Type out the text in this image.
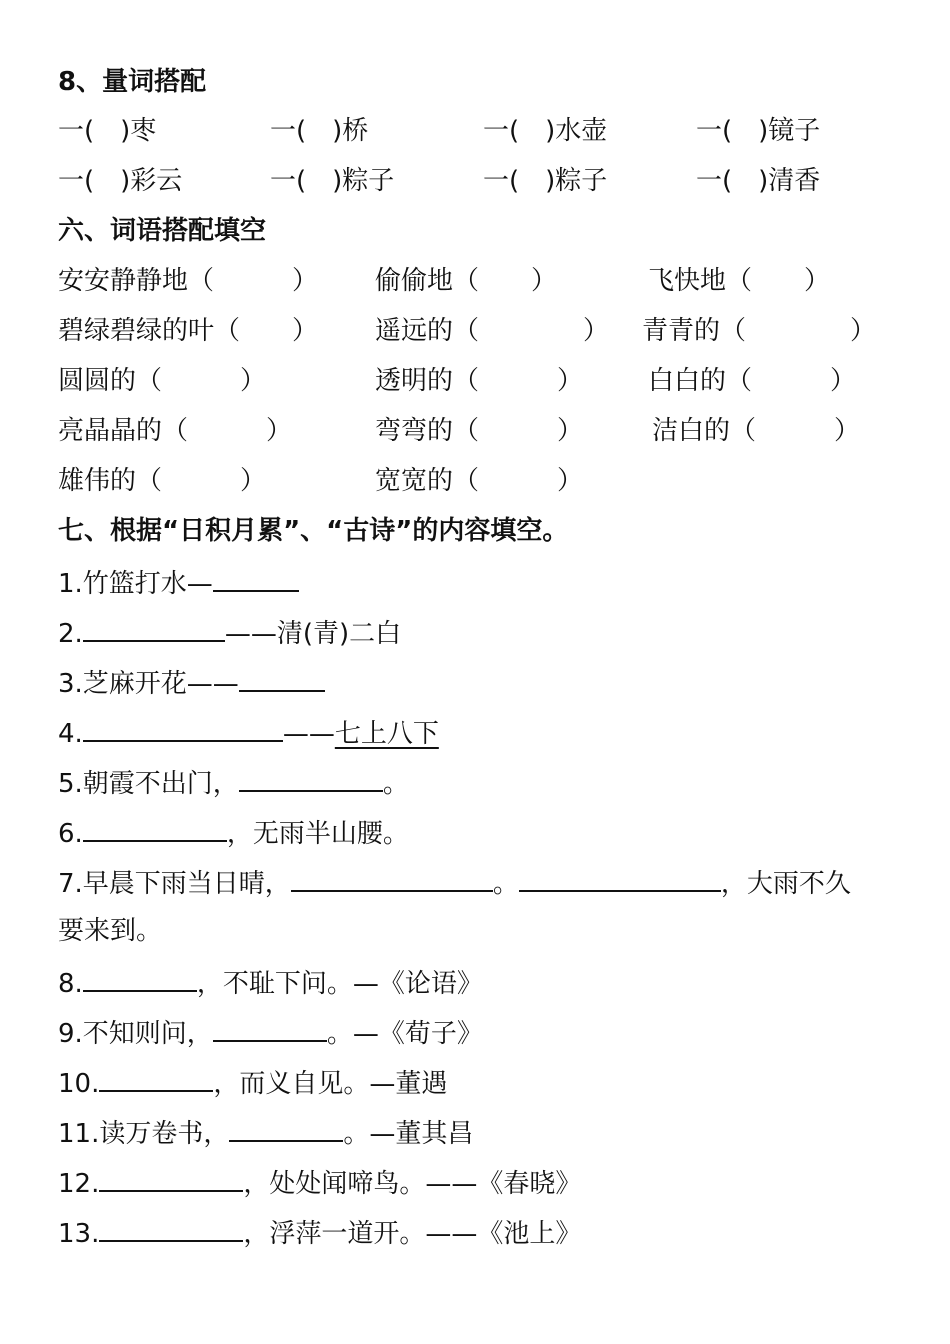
8、量词搭配
一(　)枣	一(　)桥	一(　)水壶	一(　)镜子
一(　)彩云	一(　)粽子	一(　)粽子	一(　)清香
六、词语搭配填空
安安静静地（　　　） 偷偷地（　　）	飞快地（　　）
碧绿碧绿的叶（　　） 遥远的（　　　　） 青青的（　　　　）
圆圆的（　　　）	透明的（　　　） 白白的（　　　）
亮晶晶的（　　　）	弯弯的（　　　）	洁白的（　　　）
雄伟的（　　　）	宽宽的（　　　）
七、根据“日积月累”、“古诗”的内容填空。
1.竹篮打水—
2.	——清(青)二白
3.芝麻开花——
4.	——七上八下
5.朝霞不出门，	。
6.	，无雨半山腰。
7.早晨下雨当日晴，	。	，大雨不久
要来到。
8.	，不耻下问。—《论语》
9.不知则问，	。—《荀子》
10.	，而义自见。—董遇
11.读万卷书，	。—董其昌
12.	，处处闻啼鸟。——《春晓》
13.	，浮萍一道开。——《池上》
